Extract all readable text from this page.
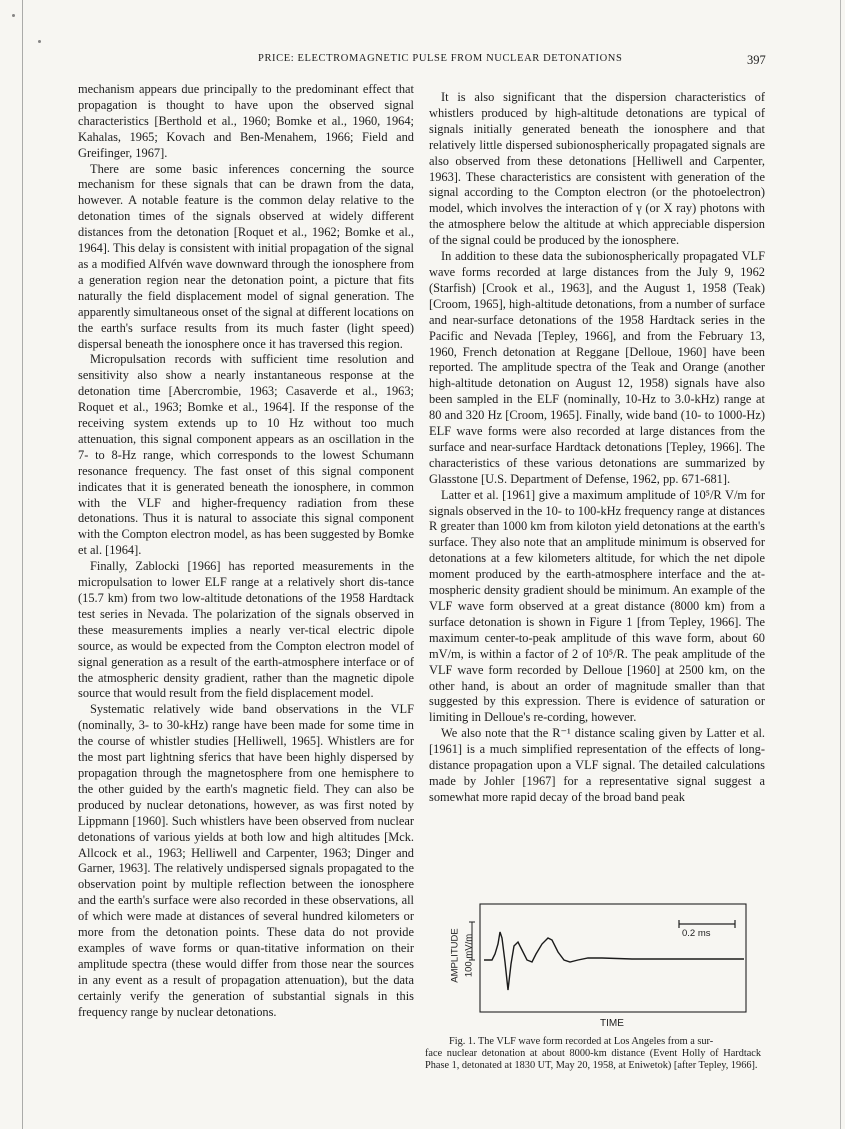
PRICE: ELECTROMAGNETIC PULSE FROM NUCLEAR DETONATIONS	397

mechanism appears due principally to the predominant effect that propagation is thought to have upon the observed signal characteristics [Berthold et al., 1960; Bomke et al., 1960, 1964; Kahalas, 1965; Kovach and Ben-Menahem, 1966; Field and Greifinger, 1967].

There are some basic inferences concerning the source mechanism for these signals that can be drawn from the data, however. A notable feature is the common delay relative to the detonation times of the signals observed at widely different distances from the detonation [Roquet et al., 1962; Bomke et al., 1964]. This delay is consistent with initial propagation of the signal as a modified Alfvén wave downward through the ionosphere from a generation region near the detonation point, a picture that fits naturally the field displacement model of signal generation. The apparently simultaneous onset of the signal at different locations on the earth's surface results from its much faster (light speed) dispersal beneath the ionosphere once it has traversed this region.

Micropulsation records with sufficient time resolution and sensitivity also show a nearly instantaneous response at the detonation time [Abercrombie, 1963; Casaverde et al., 1963; Roquet et al., 1963; Bomke et al., 1964]. If the response of the receiving system extends up to 10 Hz without too much attenuation, this signal component appears as an oscillation in the 7- to 8-Hz range, which corresponds to the lowest Schumann resonance frequency. The fast onset of this signal component indicates that it is generated beneath the ionosphere, in common with the VLF and higher-frequency radiation from these detonations. Thus it is natural to associate this signal component with the Compton electron model, as has been suggested by Bomke et al. [1964].

Finally, Zablocki [1966] has reported measurements in the micropulsation to lower ELF range at a relatively short dis-tance (15.7 km) from two low-altitude detonations of the 1958 Hardtack test series in Nevada. The polarization of the signals observed in these measurements implies a nearly ver-tical electric dipole source, as would be expected from the Compton electron model of signal generation as a result of the earth-atmosphere interface or of the atmospheric density gradient, rather than the magnetic dipole source that would result from the field displacement model.

Systematic relatively wide band observations in the VLF (nominally, 3- to 30-kHz) range have been made for some time in the course of whistler studies [Helliwell, 1965]. Whistlers are for the most part lightning sferics that have been highly dispersed by propagation through the magnetosphere from one hemisphere to the other guided by the earth's magnetic field. They can also be produced by nuclear detonations, however, as was first noted by Lippmann [1960]. Such whistlers have been observed from nuclear detonations of various yields at both low and high altitudes [Mck. Allcock et al., 1963; Helliwell and Carpenter, 1963; Dinger and Garner, 1963]. The relatively undispersed signals propagated to the observation point by multiple reflection between the ionosphere and the earth's surface were also recorded in these observations, all of which were made at distances of several hundred kilometers or more from the detonation points. These data do not provide examples of wave forms or quan-titative information on their amplitude spectra (these would differ from those near the sources in any event as a result of propagation attenuation), but the data certainly verify the generation of substantial signals in this frequency range by nuclear detonations.

It is also significant that the dispersion characteristics of whistlers produced by high-altitude detonations are typical of signals initially generated beneath the ionosphere and that relatively little dispersed subionospherically propagated signals are also observed from these detonations [Helliwell and Carpenter, 1963]. These characteristics are consistent with generation of the signal according to the Compton electron (or the photoelectron) model, which involves the interaction of γ (or X ray) photons with the atmosphere below the altitude at which appreciable dispersion of the signal could be produced by the ionosphere.

In addition to these data the subionospherically propagated VLF wave forms recorded at large distances from the July 9, 1962 (Starfish) [Crook et al., 1963], and the August 1, 1958 (Teak) [Croom, 1965], high-altitude detonations, from a number of surface and near-surface detonations of the 1958 Hardtack series in the Pacific and Nevada [Tepley, 1966], and from the February 13, 1960, French detonation at Reggane [Delloue, 1960] have been reported. The amplitude spectra of the Teak and Orange (another high-altitude detonation on August 12, 1958) signals have also been sampled in the ELF (nominally, 10-Hz to 3.0-kHz) range at 80 and 320 Hz [Croom, 1965]. Finally, wide band (10- to 1000-Hz) ELF wave forms were also recorded at large distances from the surface and near-surface Hardtack detonations [Tepley, 1966]. The characteristics of these various detonations are summarized by Glasstone [U.S. Department of Defense, 1962, pp. 671-681].

Latter et al. [1961] give a maximum amplitude of 10⁵/R V/m for signals observed in the 10- to 100-kHz frequency range at distances R greater than 1000 km from kiloton yield detonations at the earth's surface. They also note that an amplitude minimum is observed for detonations at a few kilometers altitude, for which the net dipole moment produced by the earth-atmosphere interface and the at-mospheric density gradient should be minimum. An example of the VLF wave form observed at a great distance (8000 km) from a surface detonation is shown in Figure 1 [from Tepley, 1966]. The maximum center-to-peak amplitude of this wave form, about 60 mV/m, is within a factor of 2 of 10⁵/R. The peak amplitude of the VLF wave form recorded by Delloue [1960] at 2500 km, on the other hand, is about an order of magnitude smaller than that suggested by this expression. There is evidence of saturation or limiting in Delloue's re-cording, however.

We also note that the R⁻¹ distance scaling given by Latter et al. [1961] is a much simplified representation of the effects of long-distance propagation upon a VLF signal. The detailed calculations made by Johler [1967] for a representative signal suggest a somewhat more rapid decay of the broad band peak

AMPLITUDE 100 mV/m
0.2 ms
TIME
Fig. 1. The VLF wave form recorded at Los Angeles from a sur-
face nuclear detonation at about 8000-km distance (Event Holly of Hardtack Phase 1, detonated at 1830 UT, May 20, 1958, at Eniwetok) [after Tepley, 1966].
